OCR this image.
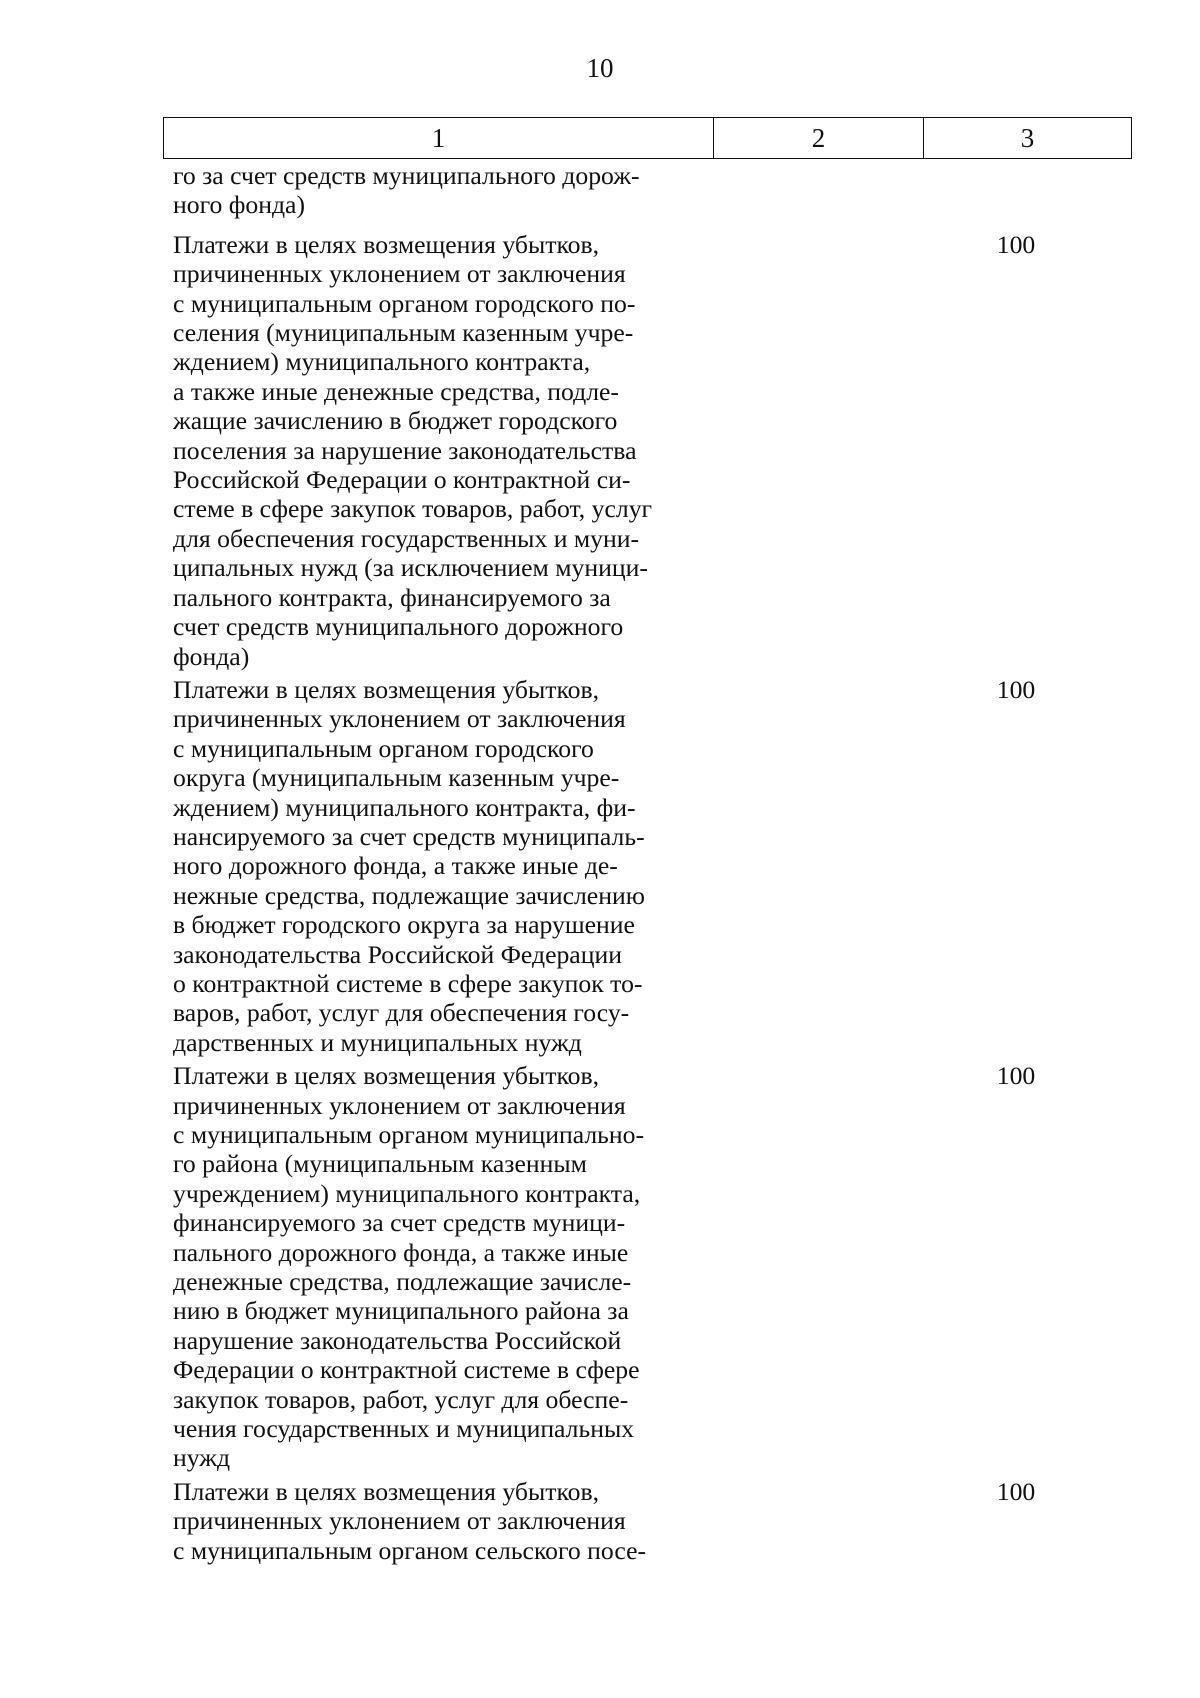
10
1	2	3
го за счет средств муниципального дорож-
ного фонда)
Платежи в целях возмещения убытков,
причиненных уклонением от заключения
с муниципальным органом городского по-
селения (муниципальным казенным учре-
ждением) муниципального контракта,
а также иные денежные средства, подле-
жащие зачислению в бюджет городского
поселения за нарушение законодательства
Российской Федерации о контрактной си-
стеме в сфере закупок товаров, работ, услуг
для обеспечения государственных и муни-
ципальных нужд (за исключением муници-
пального контракта, финансируемого за
счет средств муниципального дорожного
фонда)
100
Платежи в целях возмещения убытков,
причиненных уклонением от заключения
с муниципальным органом городского
округа (муниципальным казенным учре-
ждением) муниципального контракта, фи-
нансируемого за счет средств муниципаль-
ного дорожного фонда, а также иные де-
нежные средства, подлежащие зачислению
в бюджет городского округа за нарушение
законодательства Российской Федерации
о контрактной системе в сфере закупок то-
варов, работ, услуг для обеспечения госу-
дарственных и муниципальных нужд
100
Платежи в целях возмещения убытков,
причиненных уклонением от заключения
с муниципальным органом муниципально-
го района (муниципальным казенным
учреждением) муниципального контракта,
финансируемого за счет средств муници-
пального дорожного фонда, а также иные
денежные средства, подлежащие зачисле-
нию в бюджет муниципального района за
нарушение законодательства Российской
Федерации о контрактной системе в сфере
закупок товаров, работ, услуг для обеспе-
чения государственных и муниципальных
нужд
100
Платежи в целях возмещения убытков,
причиненных уклонением от заключения
с муниципальным органом сельского посе-
100
